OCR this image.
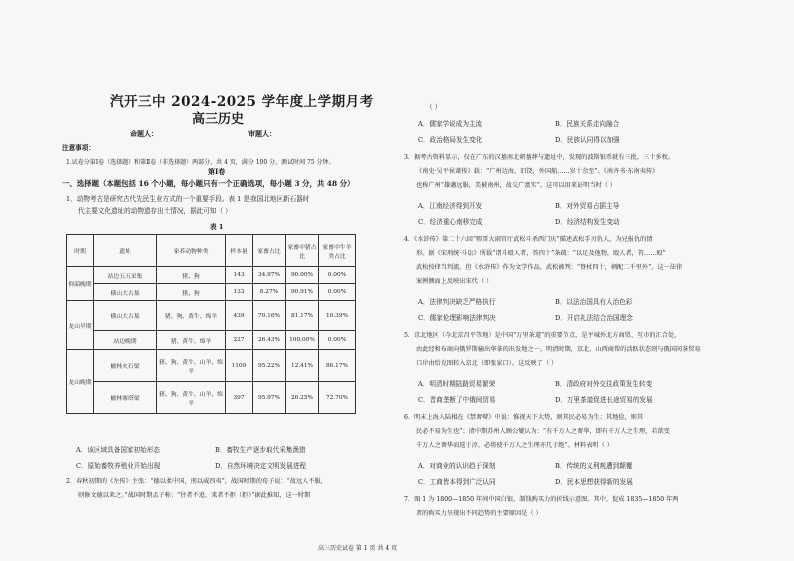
汽开三中 2024-2025 学年度上学期月考
高三历史
命题人：	审题人：
注意事项：
1.试卷分第Ⅰ卷（选择题）和第Ⅱ卷（非选择题）两部分，共 4 页，满分 100 分，测试时间 75 分钟。
第Ⅰ卷
一、选择题（本题包括 16 个小题，每小题只有一个正确选项，每小题 3 分，共 48 分）
1．动物考古是研究古代先民生业方式的一个重要手段。表 1 是我国北地区新石器时
代主要文化遗址的动物遗存出土情况，据此可知（ ）
表 1
时期	遗址	家养动物种类	样本量	家畜占比	家畜中猪占比	家畜中牛羊类占比
仰韶晚期	站边五五采集	猪、狗	143	34.97%	90.00%	0.00%
	横山大古墓	猪、狗	133	8.27%	90.91%	0.00%
龙山早期	横山大古墓	猪、狗、黄牛、绵羊	439	70.16%	81.17%	10.39%
	站边晚期	猪、黄牛、绵羊	227	26.43%	100.00%	0.00%
龙山晚期	榆林火石梁	猪、狗、黄牛、山羊、绵羊	1109	95.22%	12.41%	86.17%
	榆林寨塔梁	猪、狗、黄牛、山羊、绵羊	397	95.97%	26.25%	72.70%
A．该区域具备国家初始形态	B．畜牧生产逐步取代采集渔猎
C．原始畜牧养殖业开始出现	D．自然环境决定文明发展进程
2．春秋初期的《左传》主张：“德以柔中国，刑以威四夷”，战国时期的荀子说：“故远人不服，
则修文德以来之。”战国时期孟子称：“往者不追，来者不拒（拒）”据此推知，这一时期
（ ）
A．儒家学说成为主流	B．民族关系走向融合
C．政治格局发生变化	D．民族认同得以加强
3．据考古资料显示，仅在广东的汉墓南北朝墓葬与遗址中，发现的波斯银币就有三批，三十多枚。
《南史·吴平侯萧传》载：“广州边海，旧饶，外国舶……岁十余至”。《南齐书·东南夷传》
也称广州“雄藩远服，美被南州，故交广富实”。这可以用来证明当时（ ）
A．江南经济得到开发	B．对外贸易占据主导
C．经济重心南移完成	D．经济结构发生变动
4．《水浒传》第二十六回“郓哥大闹官厅武松斗杀西门庆”描述武松手刃仇人，为兄报仇的情
形。据《宋刑统·斗讼》所载“诸斗殴人者，答四十”条疏：“以足及他物，殴人者，笞……殴”
武松按律当判流。但《水浒传》作为文学作品，武松被判：“脊杖四十，刺配二千里外”。这一法律
案例侧面上反映出宋代（ ）
A．法律判决缺乏严格执行	B．以法治国具有人治色彩
C．儒家伦理影响法律判决	D．开启礼法结合治国理念
5．京北地区（今北京昌平等地）是中国“万里茶道”的重要节点，是平城外北方商贸、互市的汇合处，
由此经和布商向俄罗斯输出华茶的出发地之一。明清时期，京北、山西商帮的活跃状态则与俄国间茶贸易
口岸由恰克图转入京北（即张家口）。这反映了（ ）
A．明清时期陆路贸易繁荣	B．清政府对外交往政策发生转变
C．晋商垄断了中俄间贸易	D．万里茶道促进长途贸易的发展
6．明末上海人陆楫在《禁奢辩》中说：惟视天下大势，则其民必易为生；其地俭，则其
民必不易为生也”；清中期苏州人顾公燮认为：“有千万人之奢华，即有千万人之生理，若欲变
千万人之奢华而返于淳，必将使千万人之生理亦几于绝”。材料表明（ ）
A．对商业的认识趋于深刻	B．传统的义利观遭到颠覆
C．工商皆本得到广泛认同	D．民本思想获得新的发展
7．图 1 为 1800—1850 年间中国白银、制钱购买力的折线示意图。其中，促成 1835—1850 年两
者的购买力呈现出不同趋势的主要原因是（ ）
高三历史试卷 第 1 页 共 4 页
